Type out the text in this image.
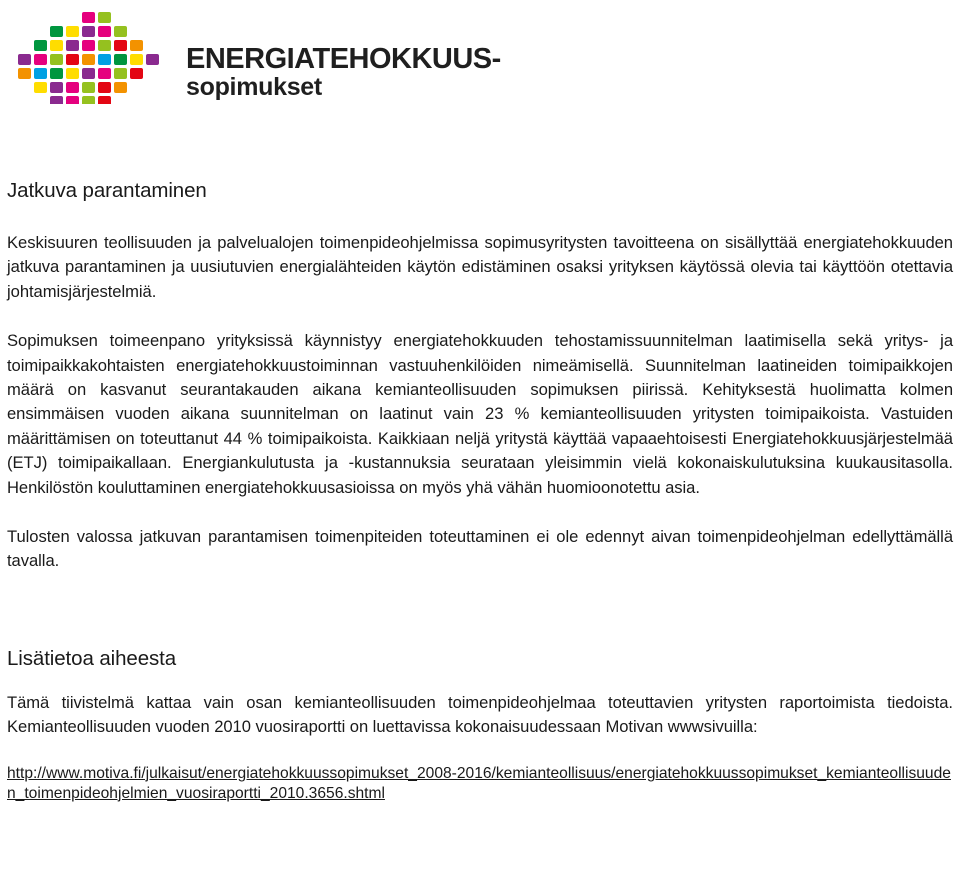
ENERGIATEHOKKUUS-
sopimukset
Jatkuva parantaminen

Keskisuuren teollisuuden ja palvelualojen toimenpideohjelmissa sopimusyritysten tavoitteena on sisällyttää energiatehokkuuden jatkuva parantaminen ja uusiutuvien energialähteiden käytön edistäminen osaksi yrityksen käytössä olevia tai käyttöön otettavia johtamisjärjestelmiä.

Sopimuksen toimeenpano yrityksissä käynnistyy energiatehokkuuden tehostamissuunnitelman laatimisella sekä yritys- ja toimipaikkakohtaisten energiatehokkuustoiminnan vastuuhenkilöiden nimeämisellä. Suunnitelman laatineiden toimipaikkojen määrä on kasvanut seurantakauden aikana kemianteollisuuden sopimuksen piirissä. Kehityksestä huolimatta kolmen ensimmäisen vuoden aikana suunnitelman on laatinut vain 23 % kemianteollisuuden yritysten toimipaikoista. Vastuiden määrittämisen on toteuttanut 44 % toimipaikoista. Kaikkiaan neljä yritystä käyttää vapaaehtoisesti Energiatehokkuusjärjestelmää (ETJ) toimipaikallaan. Energiankulutusta ja -kustannuksia seurataan yleisimmin vielä kokonaiskulutuksina kuukausitasolla. Henkilöstön kouluttaminen energiatehokkuusasioissa on myös yhä vähän huomioonotettu asia.

Tulosten valossa jatkuvan parantamisen toimenpiteiden toteuttaminen ei ole edennyt aivan toimenpideohjelman edellyttämällä tavalla.

Lisätietoa aiheesta

Tämä tiivistelmä kattaa vain osan kemianteollisuuden toimenpideohjelmaa toteuttavien yritysten raportoimista tiedoista. Kemianteollisuuden vuoden 2010 vuosiraportti on luettavissa kokonaisuudessaan Motivan wwwsivuilla:

http://www.motiva.fi/julkaisut/energiatehokkuussopimukset_2008-2016/kemianteollisuus/energiatehokkuussopimukset_kemianteollisuuden_toimenpideohjelmien_vuosiraportti_2010.3656.shtml
